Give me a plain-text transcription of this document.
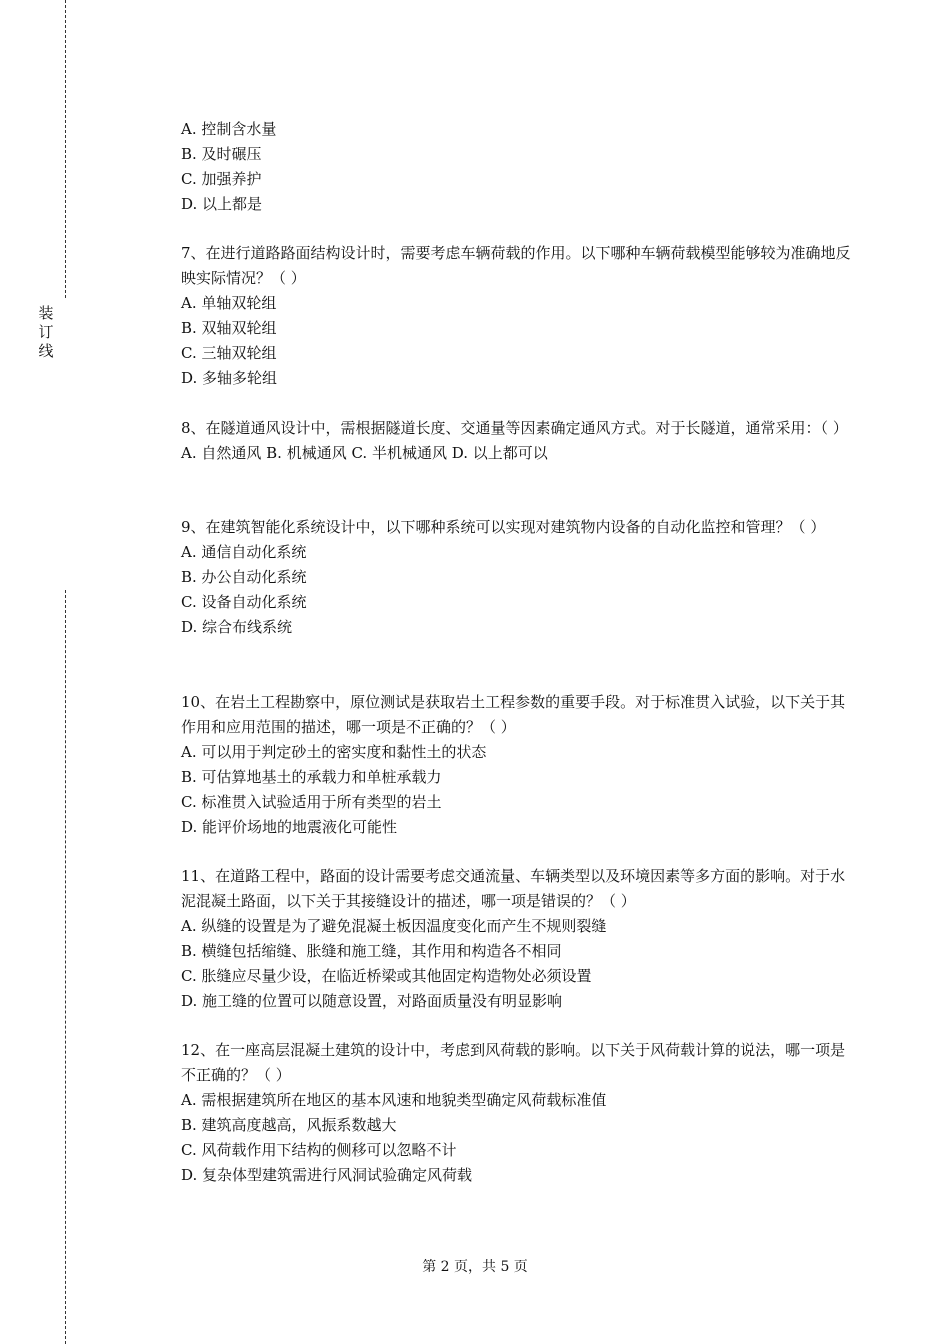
装
订
线
A. 控制含水量
B. 及时碾压
C. 加强养护
D. 以上都是
7、在进行道路路面结构设计时，需要考虑车辆荷载的作用。以下哪种车辆荷载模型能够较为准确地反映实际情况？（ ）
A. 单轴双轮组
B. 双轴双轮组
C. 三轴双轮组
D. 多轴多轮组
8、在隧道通风设计中，需根据隧道长度、交通量等因素确定通风方式。对于长隧道，通常采用：（ ）
A. 自然通风 B. 机械通风 C. 半机械通风 D. 以上都可以
9、在建筑智能化系统设计中，以下哪种系统可以实现对建筑物内设备的自动化监控和管理？（ ）
A. 通信自动化系统
B. 办公自动化系统
C. 设备自动化系统
D. 综合布线系统
10、在岩土工程勘察中，原位测试是获取岩土工程参数的重要手段。对于标准贯入试验，以下关于其作用和应用范围的描述，哪一项是不正确的？（ ）
A. 可以用于判定砂土的密实度和黏性土的状态
B. 可估算地基土的承载力和单桩承载力
C. 标准贯入试验适用于所有类型的岩土
D. 能评价场地的地震液化可能性
11、在道路工程中，路面的设计需要考虑交通流量、车辆类型以及环境因素等多方面的影响。对于水泥混凝土路面，以下关于其接缝设计的描述，哪一项是错误的？（ ）
A. 纵缝的设置是为了避免混凝土板因温度变化而产生不规则裂缝
B. 横缝包括缩缝、胀缝和施工缝，其作用和构造各不相同
C. 胀缝应尽量少设，在临近桥梁或其他固定构造物处必须设置
D. 施工缝的位置可以随意设置，对路面质量没有明显影响
12、在一座高层混凝土建筑的设计中，考虑到风荷载的影响。以下关于风荷载计算的说法，哪一项是不正确的？（ ）
A. 需根据建筑所在地区的基本风速和地貌类型确定风荷载标准值
B. 建筑高度越高，风振系数越大
C. 风荷载作用下结构的侧移可以忽略不计
D. 复杂体型建筑需进行风洞试验确定风荷载
第 2 页，共 5 页
